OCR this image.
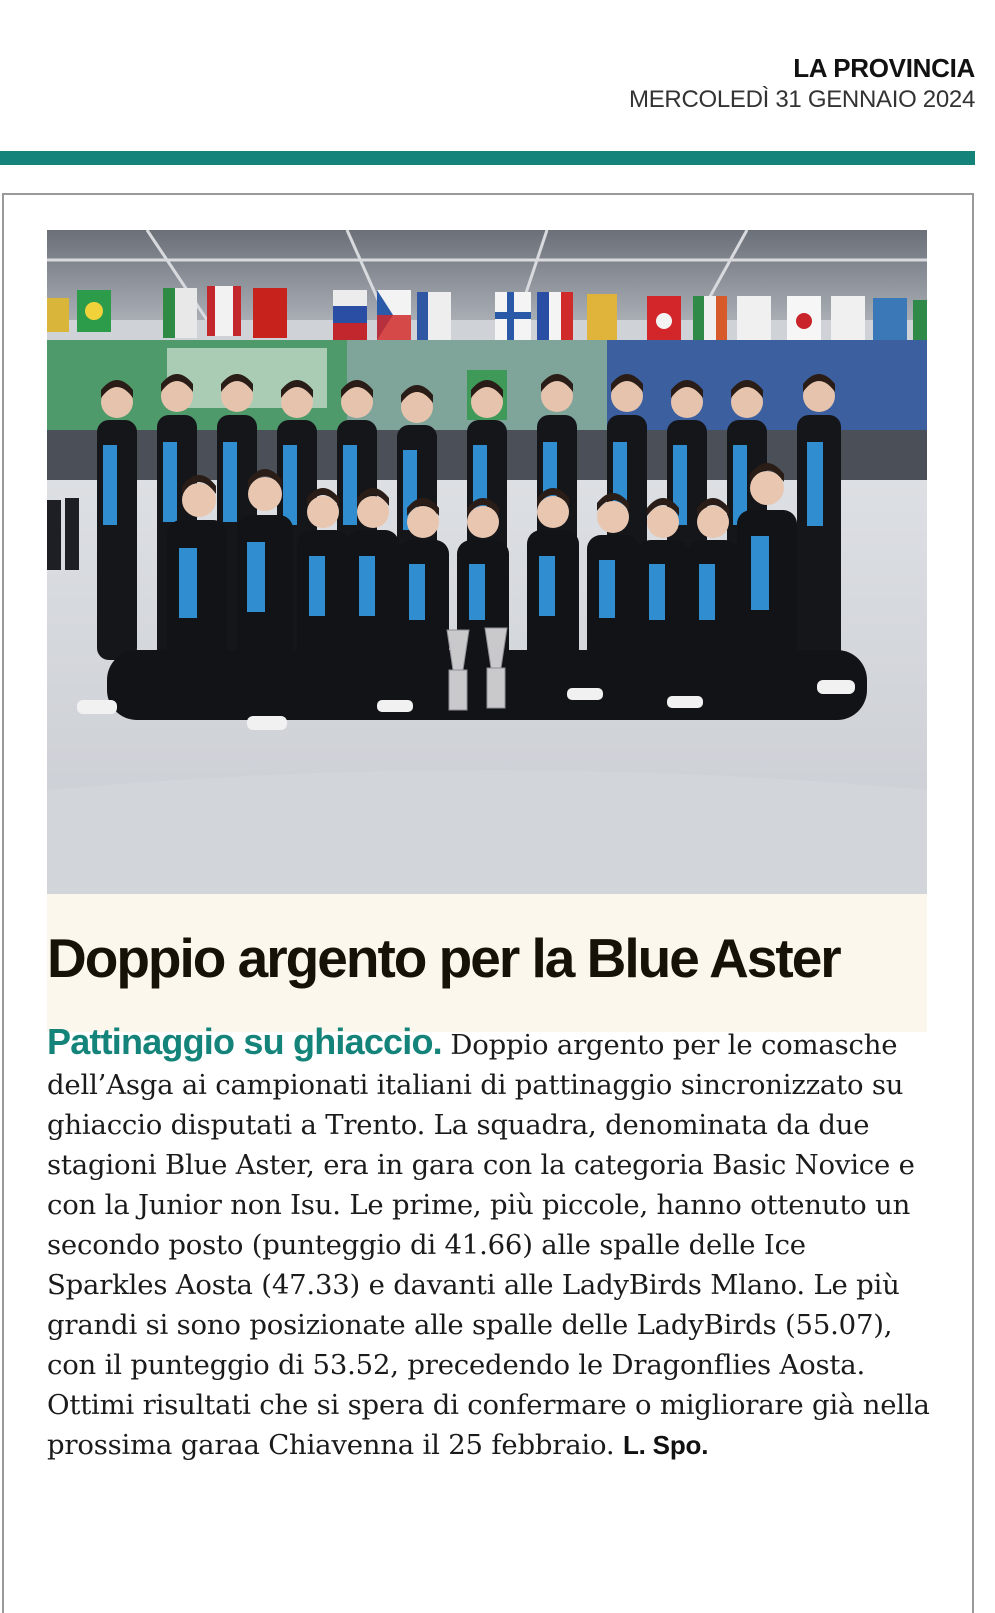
LA PROVINCIA
MERCOLEDÌ 31 GENNAIO 2024
Doppio argento per la Blue Aster

Pattinaggio su ghiaccio. Doppio argento per le comasche dell’Asga ai campionati italiani di pattinaggio sincronizzato su ghiaccio disputati a Trento. La squadra, denominata da due stagioni Blue Aster, era in gara con la categoria Basic Novice e con la Junior non Isu. Le prime, più piccole, hanno ottenuto un secondo posto (punteggio di 41.66) alle spalle delle Ice Sparkles Aosta (47.33) e davanti alle LadyBirds Mlano. Le più grandi si sono posizionate alle spalle delle LadyBirds (55.07), con il punteggio di 53.52, precedendo le Dragonflies Aosta. Ottimi risultati che si spera di confermare o migliorare già nella prossima garaa Chiavenna il 25 febbraio. L. Spo.
